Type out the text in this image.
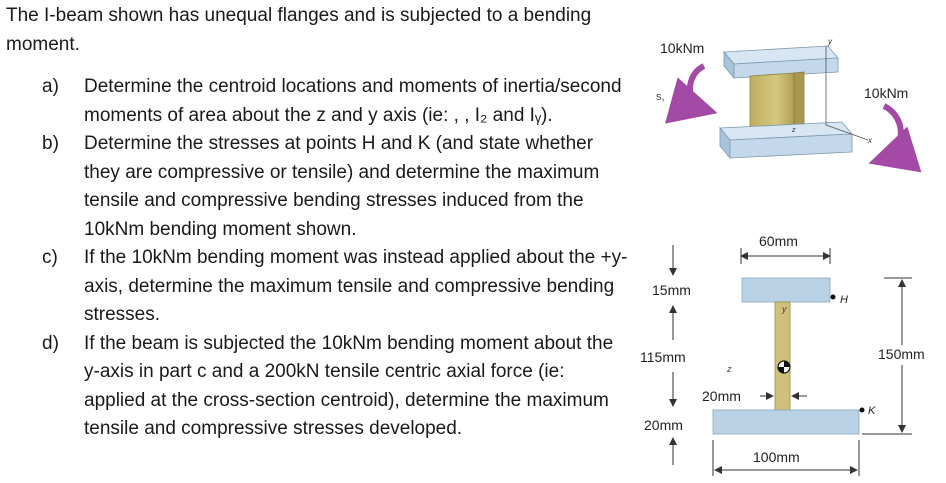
The I-beam shown has unequal flanges and is subjected to a bending moment.

a)	Determine the centroid locations and moments of inertia/second moments of area about the z and y axis (ie: , , I₂ and Iᵧ).
b)	Determine the stresses at points H and K (and state whether they are compressive or tensile) and determine the maximum tensile and compressive bending stresses induced from the 10kNm bending moment shown.
c)	If the 10kNm bending moment was instead applied about the +y-axis, determine the maximum tensile and compressive bending stresses.
d)	If the beam is subjected the 10kNm bending moment about the y-axis in part c and a 200kN tensile centric axial force (ie: applied at the cross-section centroid), determine the maximum tensile and compressive stresses developed.
y
x
z
10kNm
s,	10kNm
60mm
y
z
H
K
15mm
115mm
20mm
20mm
150mm
100mm
